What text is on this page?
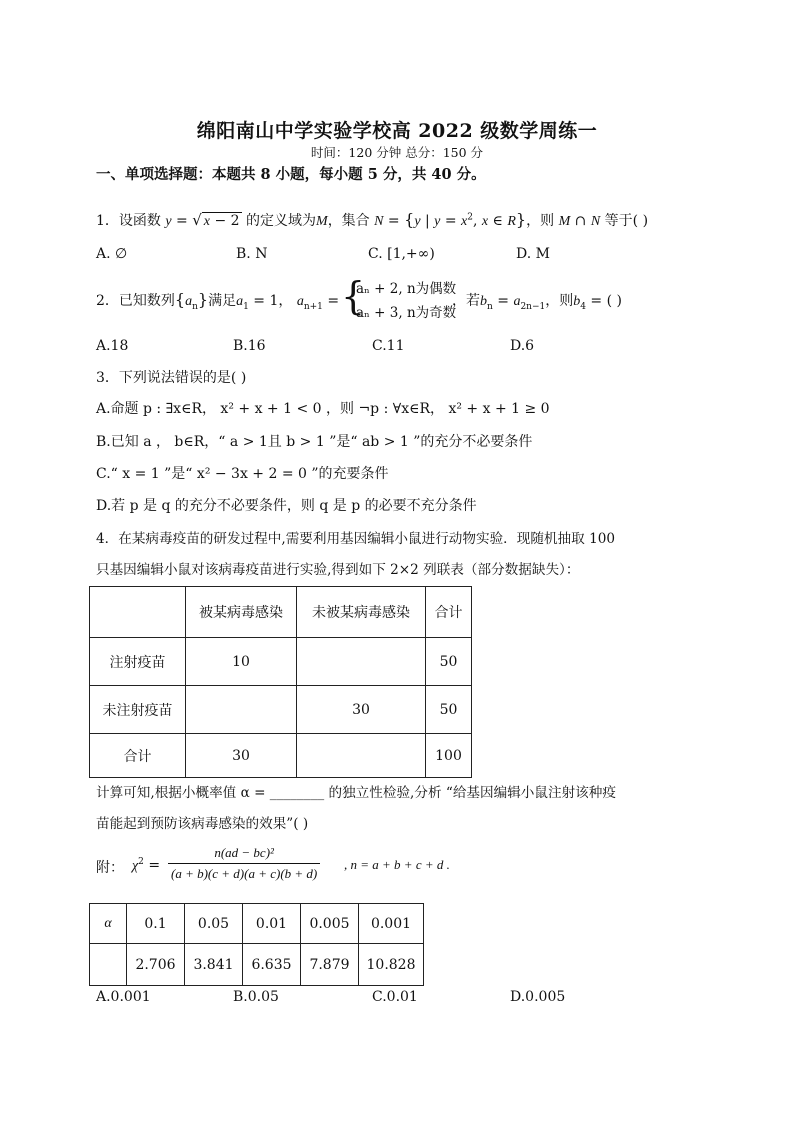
绵阳南山中学实验学校高 2022 级数学周练一
时间：120 分钟 总分：150 分
一、单项选择题：本题共 8 小题，每小题 5 分，共 40 分。
1．设函数 y = √ x − 2 的定义域为M，集合 N = {y | $y = x^2$, x ∈ R}，则 M ∩ N 等于( )
A. ∅	B. N	C. [1,+∞)	D. M
2．已知数列$\{a_n\}$满足$a_1 = 1$， $a_{n+1}$ = {
aₙ + 2, n为偶数
aₙ + 3, n为奇数
，若$b_n = a_{2n-1}$，则$b_4$ = ( )
A.18	B.16	C.11	D.6
3．下列说法错误的是( )
A.命题 p : ∃x∈R， x² + x + 1 < 0 ，则 ¬p : ∀x∈R， x² + x + 1 ≥ 0
B.已知 a ， b∈R，“ a > 1且 b > 1 ”是“ ab > 1 ”的充分不必要条件
C.“ x = 1 ”是“ x² − 3x + 2 = 0 ”的充要条件
D.若 p 是 q 的充分不必要条件，则 q 是 p 的必要不充分条件
4．在某病毒疫苗的研发过程中,需要利用基因编辑小鼠进行动物实验．现随机抽取 100
只基因编辑小鼠对该病毒疫苗进行实验,得到如下 2×2 列联表（部分数据缺失）：
	被某病毒感染	未被某病毒感染	合计
注射疫苗	10		50
未注射疫苗		30	50
合计	30		100
计算可知,根据小概率值 α = ________ 的独立性检验,分析 “给基因编辑小鼠注射该种疫
苗能起到预防该病毒感染的效果”( )
附： $\chi^2 = \frac{\text{n(ad − bc)²}}{(a + b)(c + d)(a + c)(b + d)}$ , n = a + b + c + d .
α	0.1	0.05	0.01	0.005	0.001
	2.706	3.841	6.635	7.879	10.828
A.0.001	B.0.05	C.0.01	D.0.005
